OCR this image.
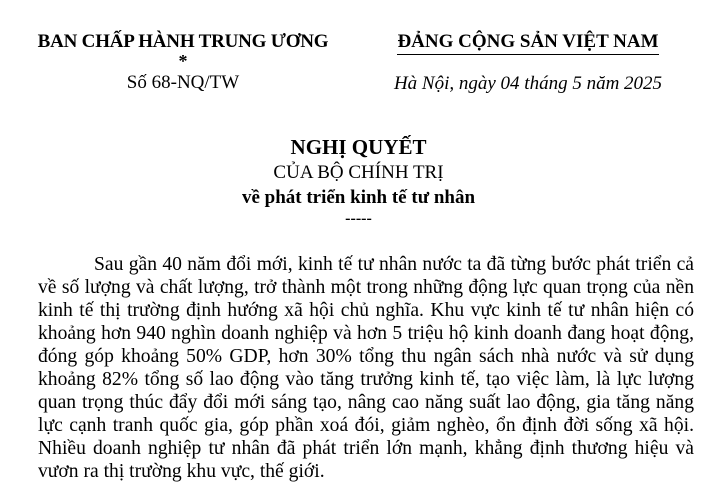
BAN CHẤP HÀNH TRUNG ƯƠNG
*
Số 68-NQ/TW
ĐẢNG CỘNG SẢN VIỆT NAM
Hà Nội, ngày 04 tháng 5 năm 2025
NGHỊ QUYẾT
CỦA BỘ CHÍNH TRỊ
về phát triển kinh tế tư nhân
-----

Sau gần 40 năm đổi mới, kinh tế tư nhân nước ta đã từng bước phát triển cả về số lượng và chất lượng, trở thành một trong những động lực quan trọng của nền kinh tế thị trường định hướng xã hội chủ nghĩa. Khu vực kinh tế tư nhân hiện có khoảng hơn 940 nghìn doanh nghiệp và hơn 5 triệu hộ kinh doanh đang hoạt động, đóng góp khoảng 50% GDP, hơn 30% tổng thu ngân sách nhà nước và sử dụng khoảng 82% tổng số lao động vào tăng trưởng kinh tế, tạo việc làm, là lực lượng quan trọng thúc đẩy đổi mới sáng tạo, nâng cao năng suất lao động, gia tăng năng lực cạnh tranh quốc gia, góp phần xoá đói, giảm nghèo, ổn định đời sống xã hội. Nhiều doanh nghiệp tư nhân đã phát triển lớn mạnh, khẳng định thương hiệu và vươn ra thị trường khu vực, thế giới.
